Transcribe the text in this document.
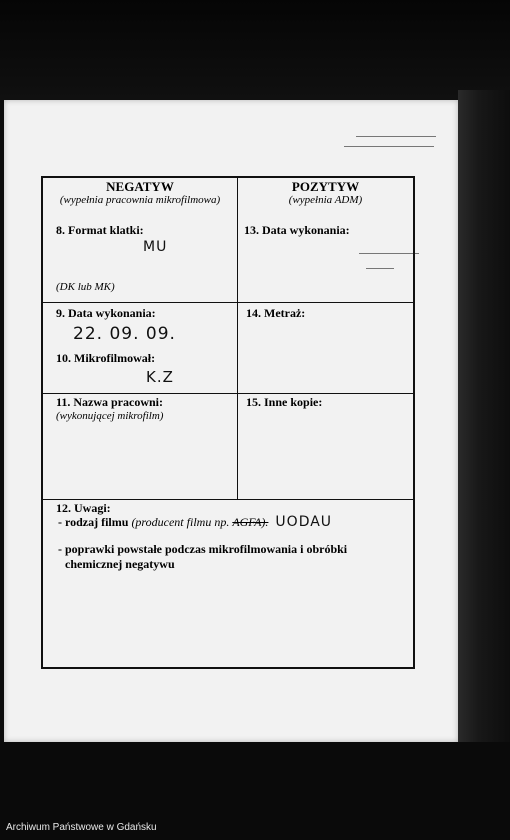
NEGATYW
(wypełnia pracownia mikrofilmowa)
8. Format klatki:
MU
(DK lub MK)
POZYTYW
(wypełnia ADM)
13. Data wykonania:
9. Data wykonania:
22. 09. 09.
10. Mikrofilmował:
K.Z
14. Metraż:
11. Nazwa pracowni:
(wykonującej mikrofilm)
15. Inne kopie:
12. Uwagi:
- rodzaj filmu (producent filmu np. AGFA). UODAU
- poprawki powstałe podczas mikrofilmowania i obróbki
chemicznej negatywu
Archiwum Państwowe w Gdańsku
